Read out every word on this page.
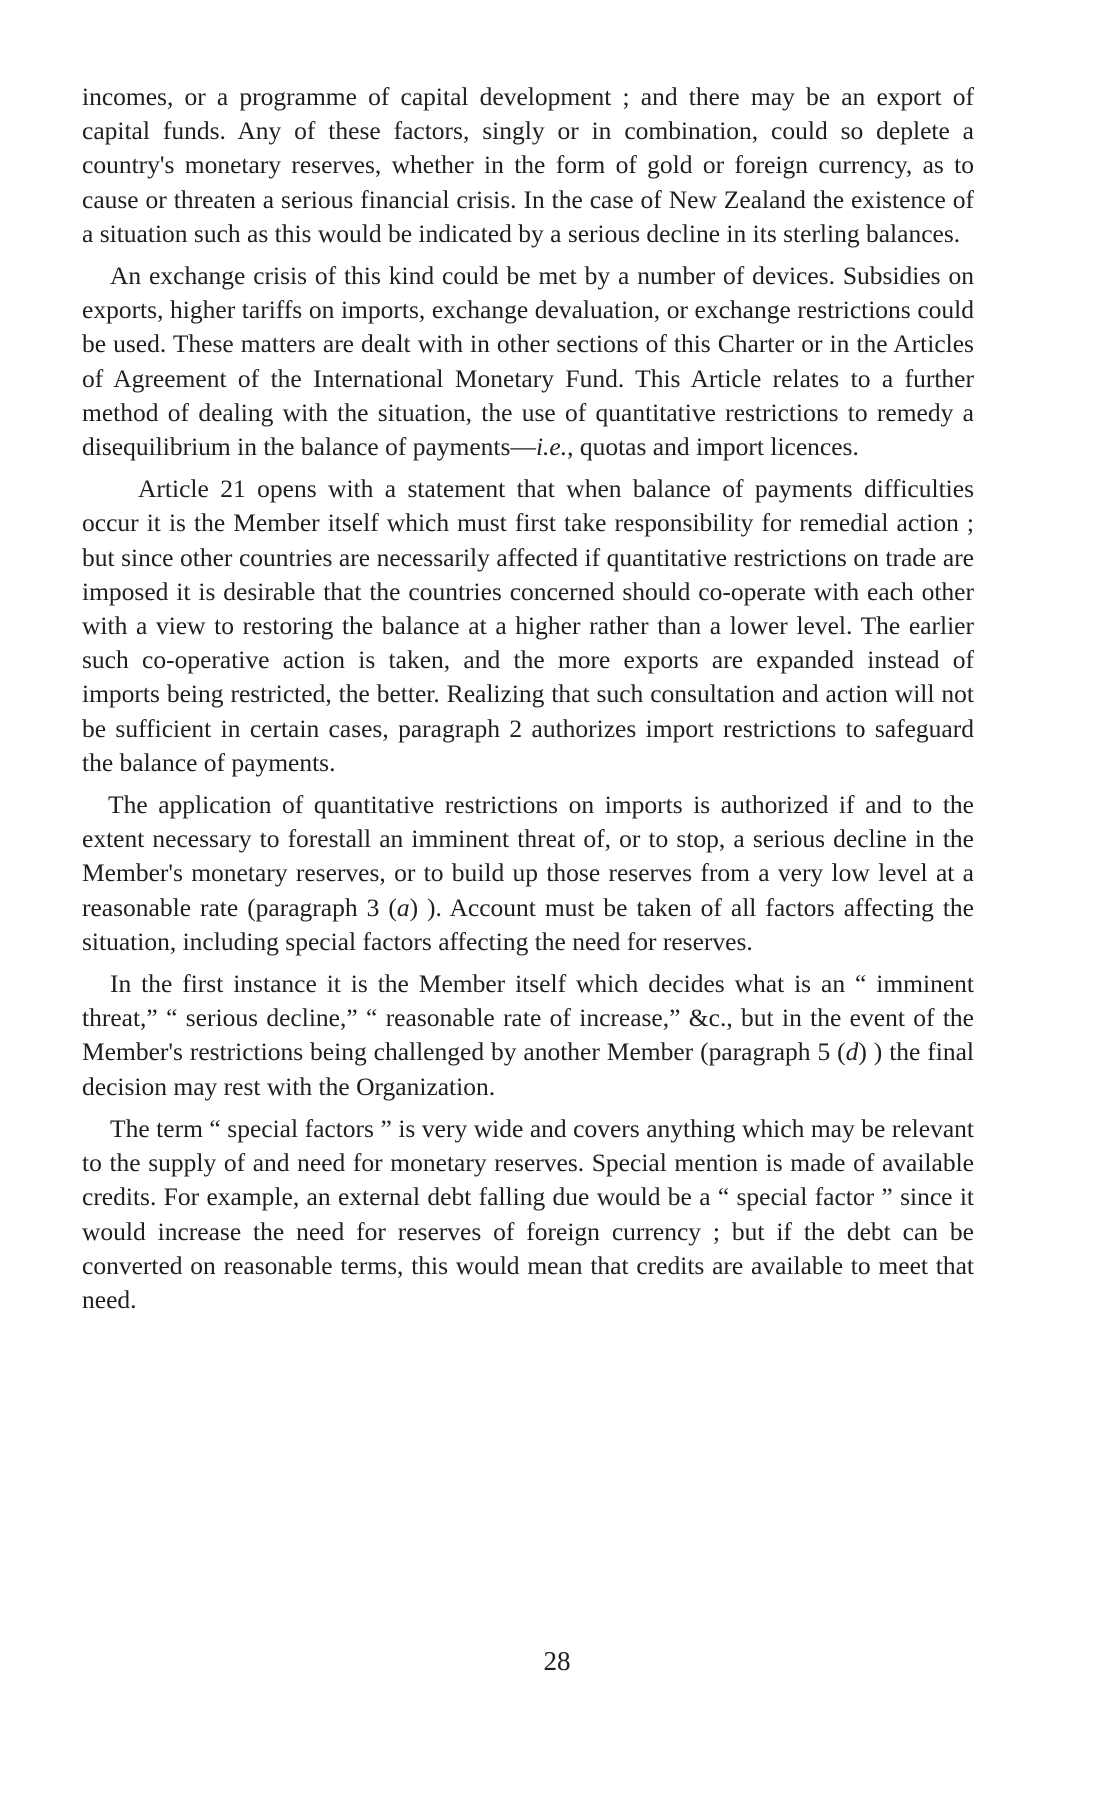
incomes, or a programme of capital development ; and there may be an export of capital funds. Any of these factors, singly or in combination, could so deplete a country's monetary reserves, whether in the form of gold or foreign currency, as to cause or threaten a serious financial crisis. In the case of New Zealand the existence of a situation such as this would be indicated by a serious decline in its sterling balances.

An exchange crisis of this kind could be met by a number of devices. Subsidies on exports, higher tariffs on imports, exchange devaluation, or exchange restrictions could be used. These matters are dealt with in other sections of this Charter or in the Articles of Agreement of the International Monetary Fund. This Article relates to a further method of dealing with the situation, the use of quantitative restrictions to remedy a disequilibrium in the balance of payments—i.e., quotas and import licences.

Article 21 opens with a statement that when balance of payments difficulties occur it is the Member itself which must first take responsibility for remedial action ; but since other countries are necessarily affected if quantitative restrictions on trade are imposed it is desirable that the countries concerned should co-operate with each other with a view to restoring the balance at a higher rather than a lower level. The earlier such co-operative action is taken, and the more exports are expanded instead of imports being restricted, the better. Realizing that such consultation and action will not be sufficient in certain cases, paragraph 2 authorizes import restrictions to safeguard the balance of payments.

The application of quantitative restrictions on imports is authorized if and to the extent necessary to forestall an imminent threat of, or to stop, a serious decline in the Member's monetary reserves, or to build up those reserves from a very low level at a reasonable rate (paragraph 3 (a) ). Account must be taken of all factors affecting the situation, including special factors affecting the need for reserves.

In the first instance it is the Member itself which decides what is an “ imminent threat,” “ serious decline,” “ reasonable rate of increase,” &c., but in the event of the Member's restrictions being challenged by another Member (paragraph 5 (d) ) the final decision may rest with the Organization.

The term “ special factors ” is very wide and covers anything which may be relevant to the supply of and need for monetary reserves. Special mention is made of available credits. For example, an external debt falling due would be a “ special factor ” since it would increase the need for reserves of foreign currency ; but if the debt can be converted on reasonable terms, this would mean that credits are available to meet that need.

28
